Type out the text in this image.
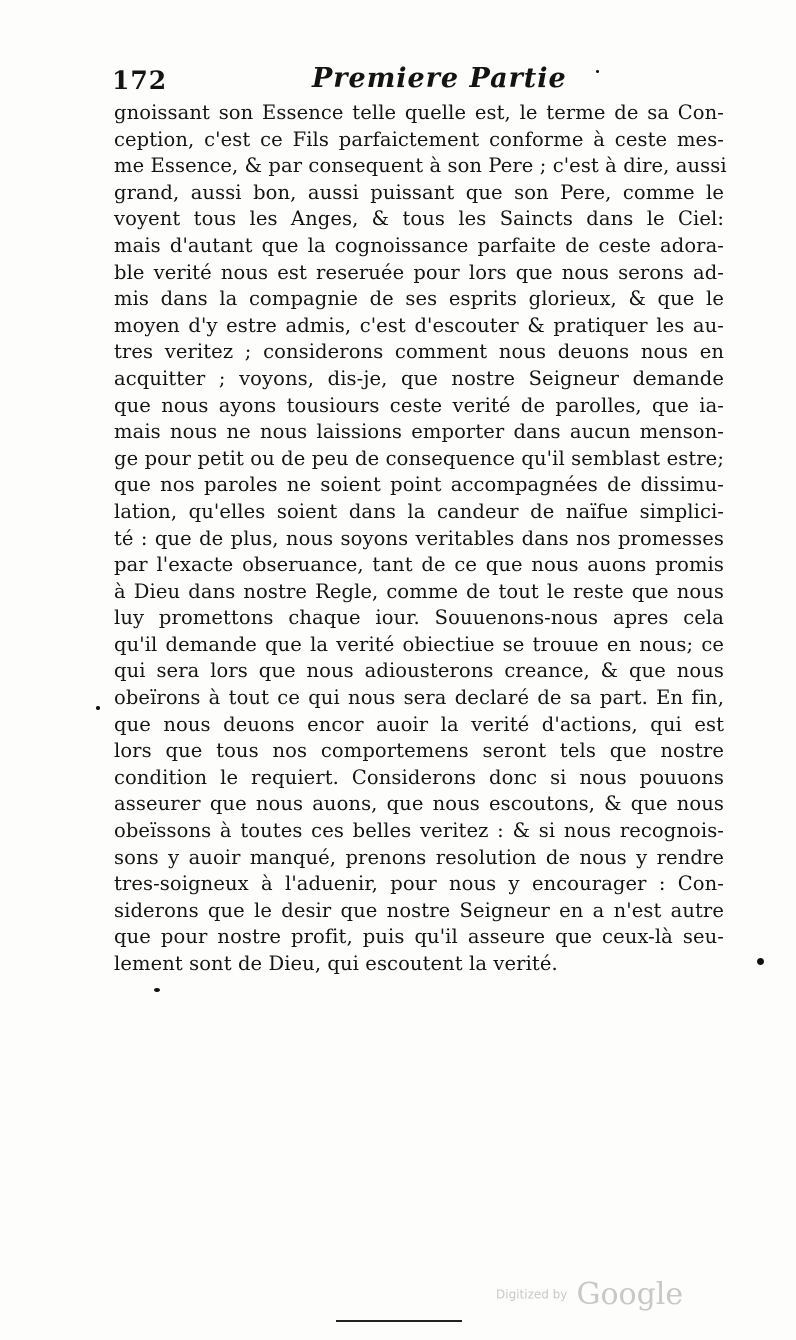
172	Premiere Partie
gnoissant son Essence telle quelle est, le terme de sa Con-
ception, c'est ce Fils parfaictement conforme à ceste mes-
me Essence, & par consequent à son Pere ; c'est à dire, aussi
grand, aussi bon, aussi puissant que son Pere, comme le
voyent tous les Anges, & tous les Saincts dans le Ciel:
mais d'autant que la cognoissance parfaite de ceste adora-
ble verité nous est reseruée pour lors que nous serons ad-
mis dans la compagnie de ses esprits glorieux, & que le
moyen d'y estre admis, c'est d'escouter & pratiquer les au-
tres veritez ; considerons comment nous deuons nous en
acquitter ; voyons, dis-je, que nostre Seigneur demande
que nous ayons tousiours ceste verité de parolles, que ia-
mais nous ne nous laissions emporter dans aucun menson-
ge pour petit ou de peu de consequence qu'il semblast estre;
que nos paroles ne soient point accompagnées de dissimu-
lation, qu'elles soient dans la candeur de naïfue simplici-
té : que de plus, nous soyons veritables dans nos promesses
par l'exacte obseruance, tant de ce que nous auons promis
à Dieu dans nostre Regle, comme de tout le reste que nous
luy promettons chaque iour. Souuenons-nous apres cela
qu'il demande que la verité obiectiue se trouue en nous; ce
qui sera lors que nous adiousterons creance, & que nous
obeïrons à tout ce qui nous sera declaré de sa part. En fin,
que nous deuons encor auoir la verité d'actions, qui est
lors que tous nos comportemens seront tels que nostre
condition le requiert. Considerons donc si nous pouuons
asseurer que nous auons, que nous escoutons, & que nous
obeïssons à toutes ces belles veritez : & si nous recognois-
sons y auoir manqué, prenons resolution de nous y rendre
tres-soigneux à l'aduenir, pour nous y encourager : Con-
siderons que le desir que nostre Seigneur en a n'est autre
que pour nostre profit, puis qu'il asseure que ceux-là seu-
lement sont de Dieu, qui escoutent la verité.
Digitized by Google
